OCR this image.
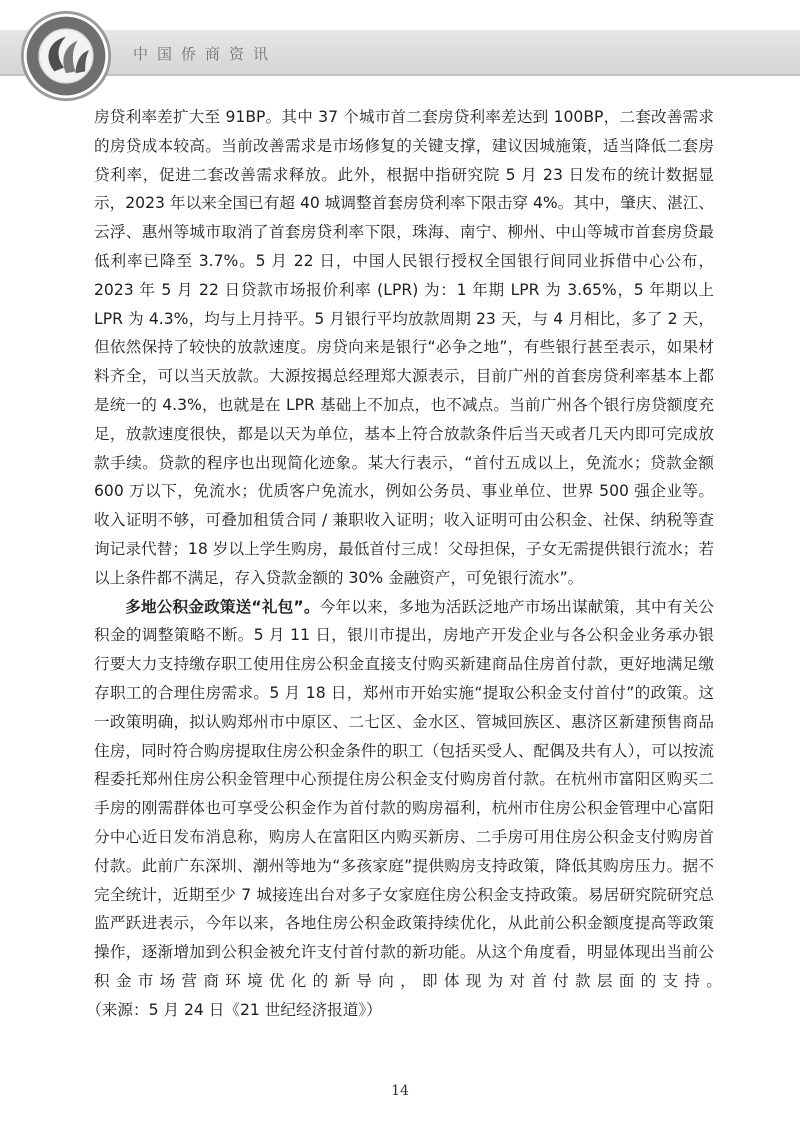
中国侨商资讯

房贷利率差扩大至 91BP。其中 37 个城市首二套房贷利率差达到 100BP，二套改善需求的房贷成本较高。当前改善需求是市场修复的关键支撑，建议因城施策，适当降低二套房贷利率，促进二套改善需求释放。此外，根据中指研究院 5 月 23 日发布的统计数据显示，2023 年以来全国已有超 40 城调整首套房贷利率下限击穿 4%。其中，肇庆、湛江、云浮、惠州等城市取消了首套房贷利率下限，珠海、南宁、柳州、中山等城市首套房贷最低利率已降至 3.7%。5 月 22 日，中国人民银行授权全国银行间同业拆借中心公布，2023 年 5 月 22 日贷款市场报价利率 (LPR) 为：1 年期 LPR 为 3.65%，5 年期以上 LPR 为 4.3%，均与上月持平。5 月银行平均放款周期 23 天，与 4 月相比，多了 2 天，但依然保持了较快的放款速度。房贷向来是银行“必争之地”，有些银行甚至表示，如果材料齐全，可以当天放款。大源按揭总经理郑大源表示，目前广州的首套房贷利率基本上都是统一的 4.3%，也就是在 LPR 基础上不加点，也不减点。当前广州各个银行房贷额度充足，放款速度很快，都是以天为单位，基本上符合放款条件后当天或者几天内即可完成放款手续。贷款的程序也出现简化迹象。某大行表示，“首付五成以上，免流水；贷款金额 600 万以下，免流水；优质客户免流水，例如公务员、事业单位、世界 500 强企业等。收入证明不够，可叠加租赁合同 / 兼职收入证明；收入证明可由公积金、社保、纳税等查询记录代替；18 岁以上学生购房，最低首付三成！父母担保，子女无需提供银行流水；若以上条件都不满足，存入贷款金额的 30% 金融资产，可免银行流水”。

多地公积金政策送“礼包”。今年以来，多地为活跃泛地产市场出谋献策，其中有关公积金的调整策略不断。5 月 11 日，银川市提出，房地产开发企业与各公积金业务承办银行要大力支持缴存职工使用住房公积金直接支付购买新建商品住房首付款，更好地满足缴存职工的合理住房需求。5 月 18 日，郑州市开始实施“提取公积金支付首付”的政策。这一政策明确，拟认购郑州市中原区、二七区、金水区、管城回族区、惠济区新建预售商品住房，同时符合购房提取住房公积金条件的职工（包括买受人、配偶及共有人），可以按流程委托郑州住房公积金管理中心预提住房公积金支付购房首付款。在杭州市富阳区购买二手房的刚需群体也可享受公积金作为首付款的购房福利，杭州市住房公积金管理中心富阳分中心近日发布消息称，购房人在富阳区内购买新房、二手房可用住房公积金支付购房首付款。此前广东深圳、潮州等地为“多孩家庭”提供购房支持政策，降低其购房压力。据不完全统计，近期至少 7 城接连出台对多子女家庭住房公积金支持政策。易居研究院研究总监严跃进表示，今年以来，各地住房公积金政策持续优化，从此前公积金额度提高等政策操作，逐渐增加到公积金被允许支付首付款的新功能。从这个角度看，明显体现出当前公积金市场营商环境优化的新导向，即体现为对首付款层面的支持。　　　（来源：5 月 24 日《21 世纪经济报道》）

14
